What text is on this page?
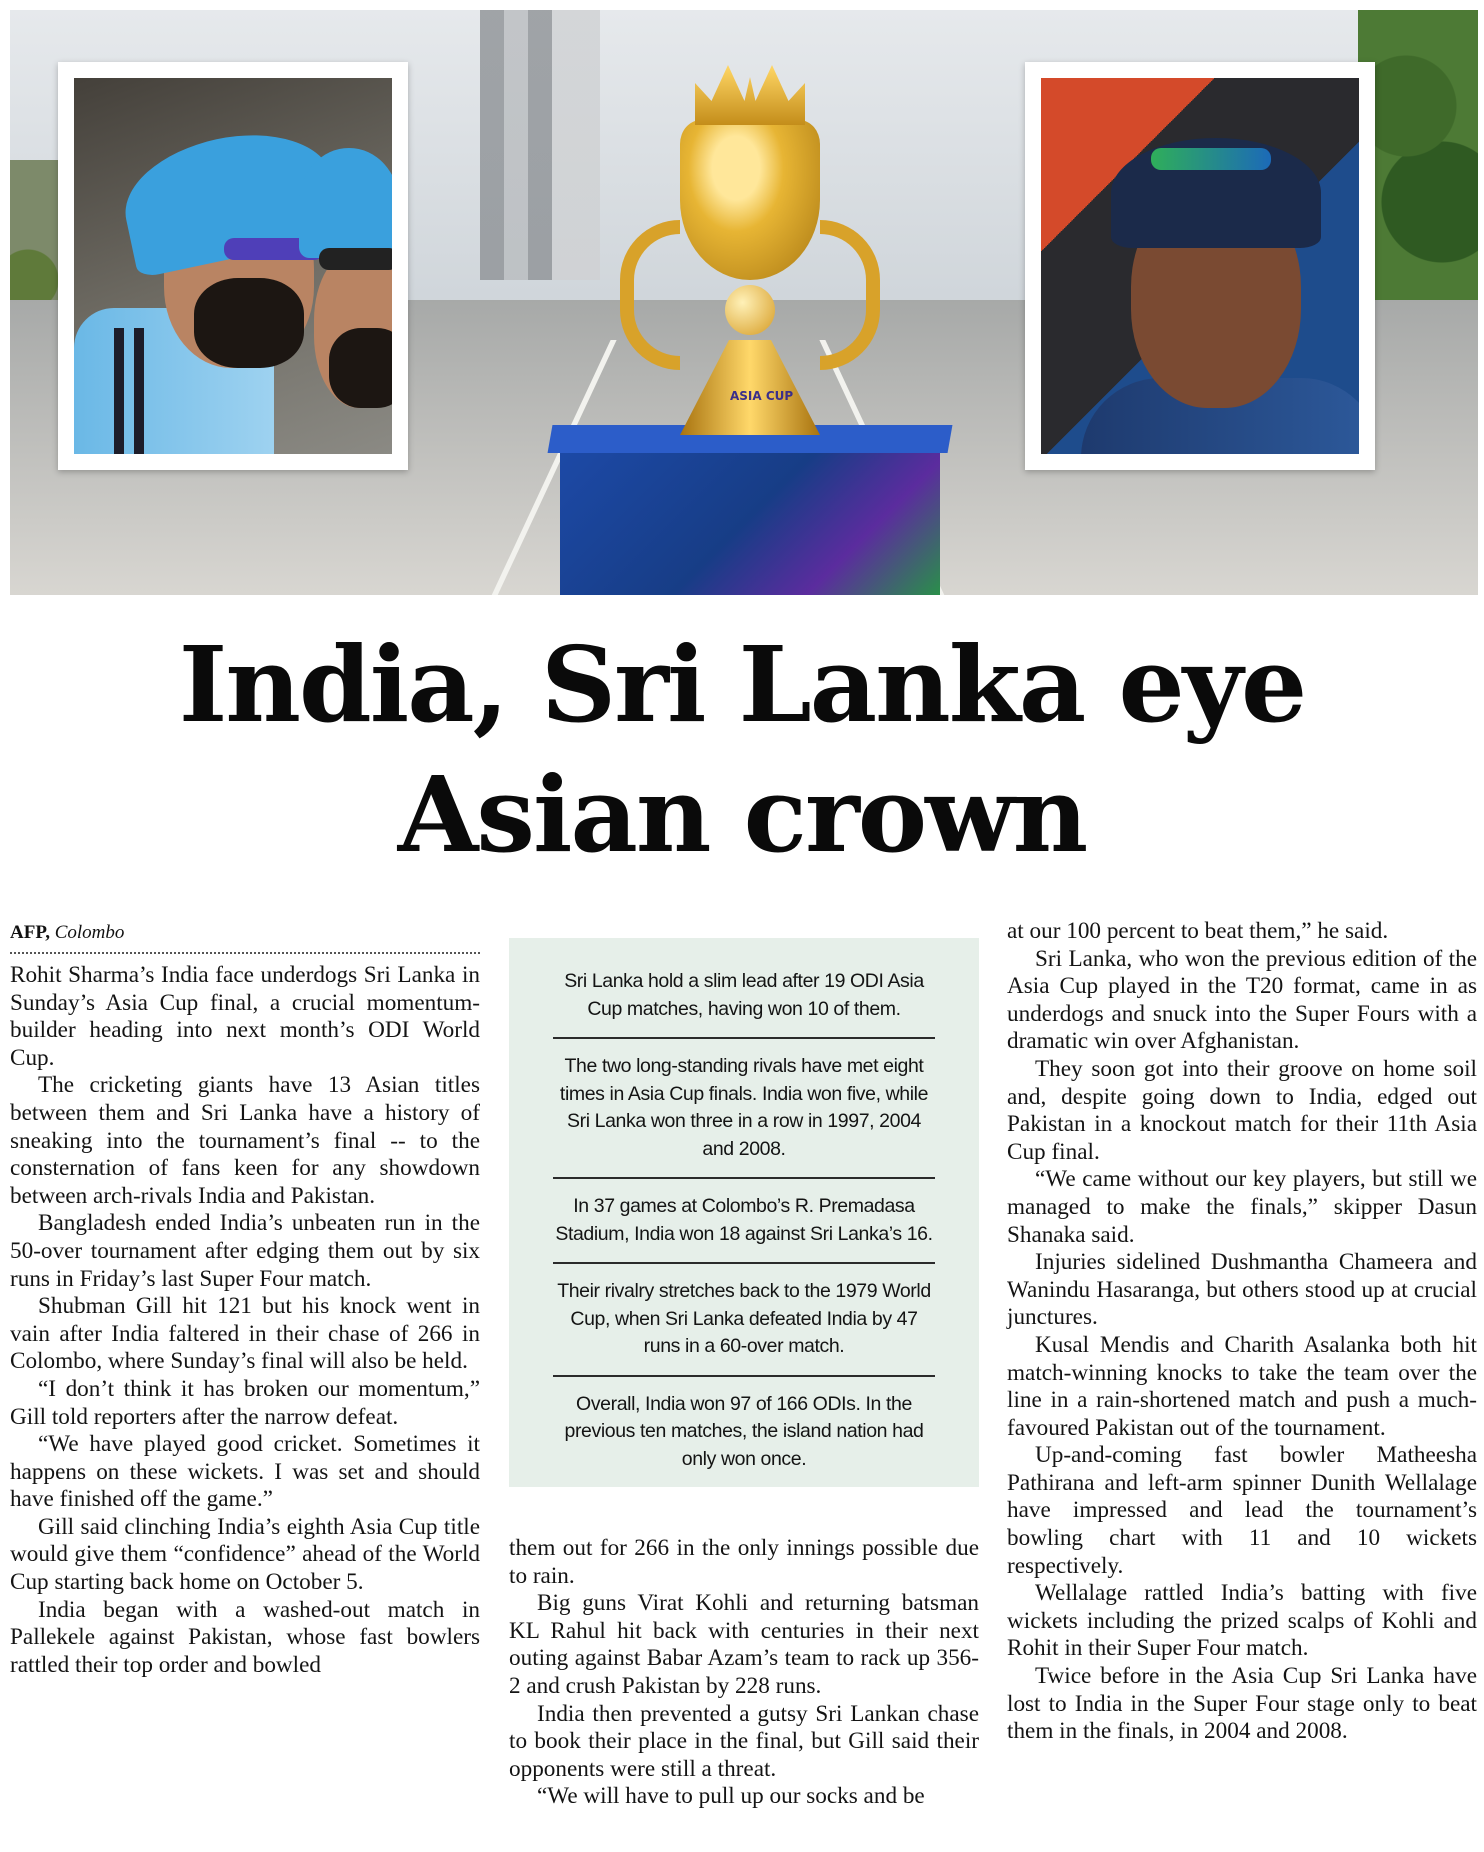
ASIA CUP
India, Sri Lanka eye
Asian crown
AFP, Colombo

Rohit Sharma’s India face underdogs Sri Lanka in Sunday’s Asia Cup final, a crucial momentum-builder heading into next month’s ODI World Cup.

The cricketing giants have 13 Asian titles between them and Sri Lanka have a history of sneaking into the tournament’s final -- to the consternation of fans keen for any showdown between arch-rivals India and Pakistan.

Bangladesh ended India’s unbeaten run in the 50-over tournament after edging them out by six runs in Friday’s last Super Four match.

Shubman Gill hit 121 but his knock went in vain after India faltered in their chase of 266 in Colombo, where Sunday’s final will also be held.

“I don’t think it has broken our momentum,” Gill told reporters after the narrow defeat.

“We have played good cricket. Sometimes it happens on these wickets. I was set and should have finished off the game.”

Gill said clinching India’s eighth Asia Cup title would give them “confidence” ahead of the World Cup starting back home on October 5.

India began with a washed-out match in Pallekele against Pakistan, whose fast bowlers rattled their top order and bowled

Sri Lanka hold a slim lead after 19 ODI Asia Cup matches, having won 10 of them.
The two long-standing rivals have met eight times in Asia Cup finals. India won five, while Sri Lanka won three in a row in 1997, 2004 and 2008.
In 37 games at Colombo’s R. Premadasa Stadium, India won 18 against Sri Lanka’s 16.
Their rivalry stretches back to the 1979 World Cup, when Sri Lanka defeated India by 47 runs in a 60-over match.
Overall, India won 97 of 166 ODIs. In the previous ten matches, the island nation had only won once.

them out for 266 in the only innings possible due to rain.

Big guns Virat Kohli and returning batsman KL Rahul hit back with centuries in their next outing against Babar Azam’s team to rack up 356-2 and crush Pakistan by 228 runs.

India then prevented a gutsy Sri Lankan chase to book their place in the final, but Gill said their opponents were still a threat.

“We will have to pull up our socks and be

at our 100 percent to beat them,” he said.

Sri Lanka, who won the previous edition of the Asia Cup played in the T20 format, came in as underdogs and snuck into the Super Fours with a dramatic win over Afghanistan.

They soon got into their groove on home soil and, despite going down to India, edged out Pakistan in a knockout match for their 11th Asia Cup final.

“We came without our key players, but still we managed to make the finals,” skipper Dasun Shanaka said.

Injuries sidelined Dushmantha Chameera and Wanindu Hasaranga, but others stood up at crucial junctures.

Kusal Mendis and Charith Asalanka both hit match-winning knocks to take the team over the line in a rain-shortened match and push a much-favoured Pakistan out of the tournament.

Up-and-coming fast bowler Matheesha Pathirana and left-arm spinner Dunith Wellalage have impressed and lead the tournament’s bowling chart with 11 and 10 wickets respectively.

Wellalage rattled India’s batting with five wickets including the prized scalps of Kohli and Rohit in their Super Four match.

Twice before in the Asia Cup Sri Lanka have lost to India in the Super Four stage only to beat them in the finals, in 2004 and 2008.
